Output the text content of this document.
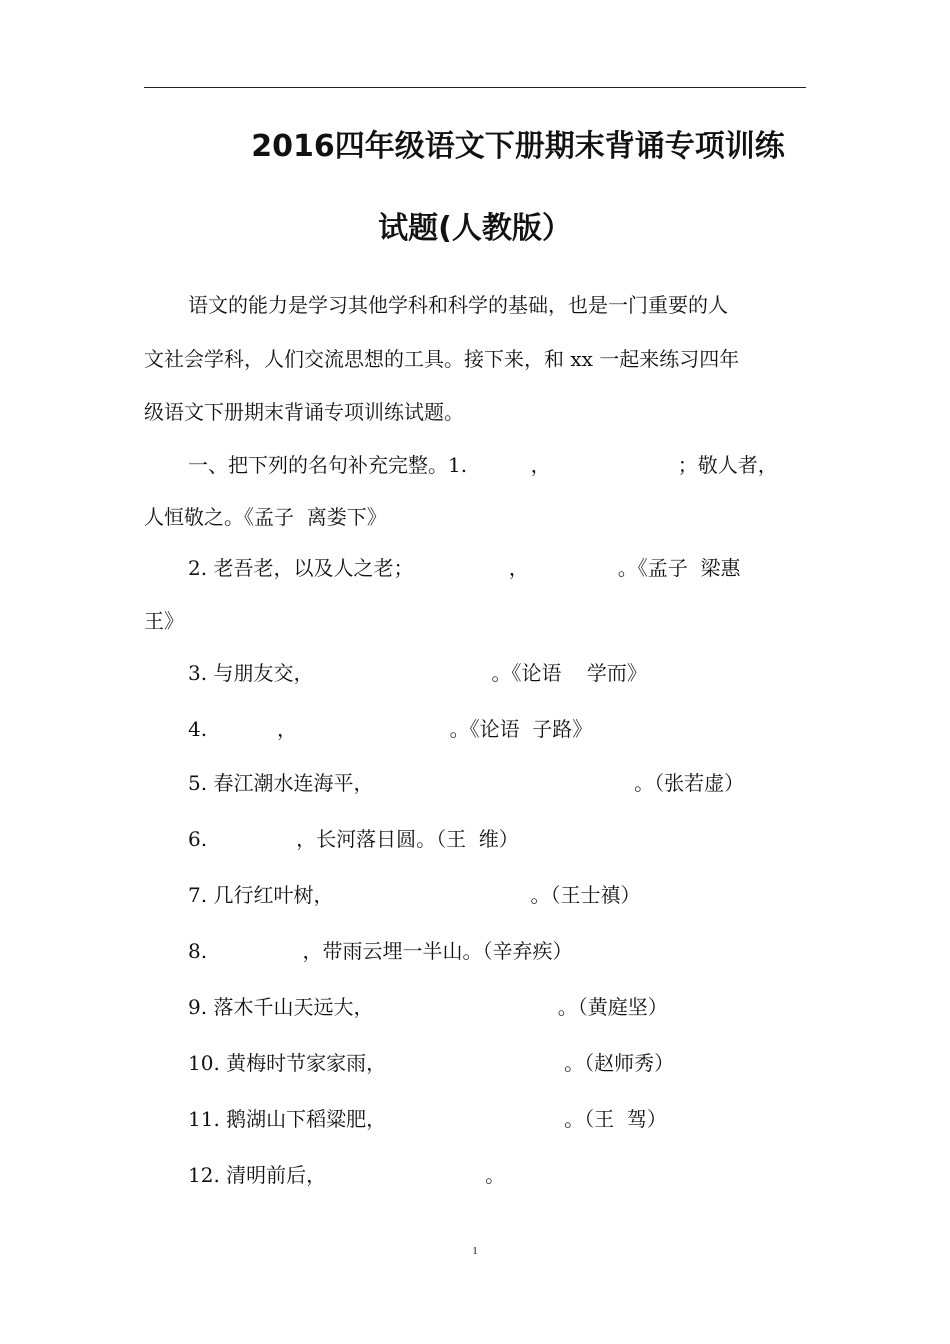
2016四年级语文下册期末背诵专项训练
试题(人教版）
语文的能力是学习其他学科和科学的基础，也是一门重要的人
文社会学科，人们交流思想的工具。接下来，和 xx 一起来练习四年
级语文下册期末背诵专项训练试题。
一、把下列的名句补充完整。1.          ，                    ；敬人者，
人恒敬之。《孟子  离娄下》
2. 老吾老，以及人之老；               ，              。《孟子  梁惠
王》
3. 与朋友交，                            。《论语    学而》
4.           ，                        。《论语  子路》
5. 春江潮水连海平，                                         。（张若虚）
6.              ，长河落日圆。（王  维）
7. 几行红叶树，                               。（王士禛）
8.               ，带雨云埋一半山。（辛弃疾）
9. 落木千山天远大，                             。（黄庭坚）
10. 黄梅时节家家雨，                            。（赵师秀）
11. 鹅湖山下稻粱肥，                            。（王  驾）
12. 清明前后，                         。
1
